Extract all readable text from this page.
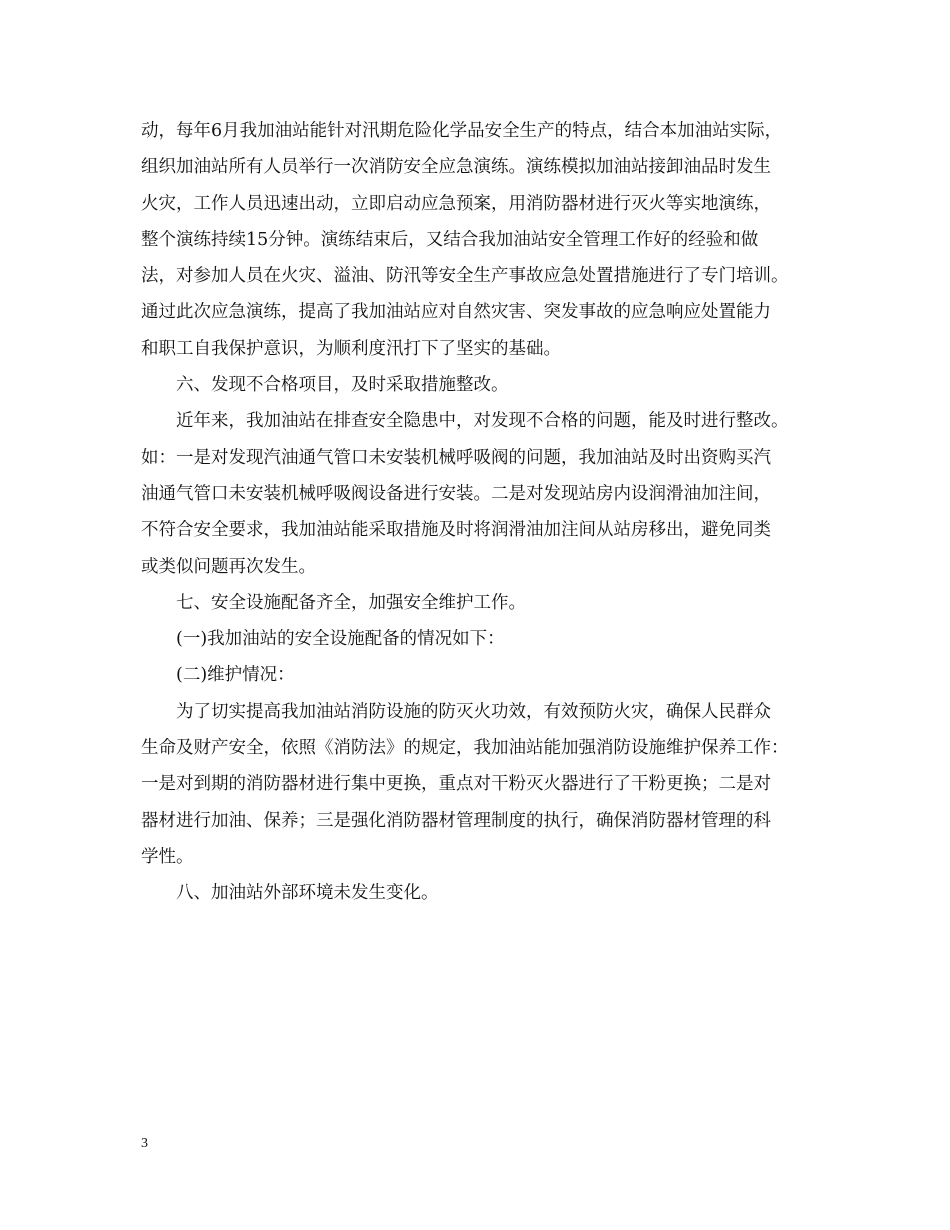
动，每年6月我加油站能针对汛期危险化学品安全生产的特点，结合本加油站实际，
组织加油站所有人员举行一次消防安全应急演练。演练模拟加油站接卸油品时发生
火灾，工作人员迅速出动，立即启动应急预案，用消防器材进行灭火等实地演练，
整个演练持续15分钟。演练结束后，又结合我加油站安全管理工作好的经验和做
法，对参加人员在火灾、溢油、防汛等安全生产事故应急处置措施进行了专门培训。
通过此次应急演练，提高了我加油站应对自然灾害、突发事故的应急响应处置能力
和职工自我保护意识，为顺利度汛打下了坚实的基础。
六、发现不合格项目，及时采取措施整改。
近年来，我加油站在排查安全隐患中，对发现不合格的问题，能及时进行整改。
如：一是对发现汽油通气管口未安装机械呼吸阀的问题，我加油站及时出资购买汽
油通气管口未安装机械呼吸阀设备进行安装。二是对发现站房内设润滑油加注间，
不符合安全要求，我加油站能采取措施及时将润滑油加注间从站房移出，避免同类
或类似问题再次发生。
七、安全设施配备齐全，加强安全维护工作。
(一)我加油站的安全设施配备的情况如下：
(二)维护情况：
为了切实提高我加油站消防设施的防灭火功效，有效预防火灾，确保人民群众
生命及财产安全，依照《消防法》的规定，我加油站能加强消防设施维护保养工作：
一是对到期的消防器材进行集中更换，重点对干粉灭火器进行了干粉更换；二是对
器材进行加油、保养；三是强化消防器材管理制度的执行，确保消防器材管理的科
学性。
八、加油站外部环境未发生变化。
3
